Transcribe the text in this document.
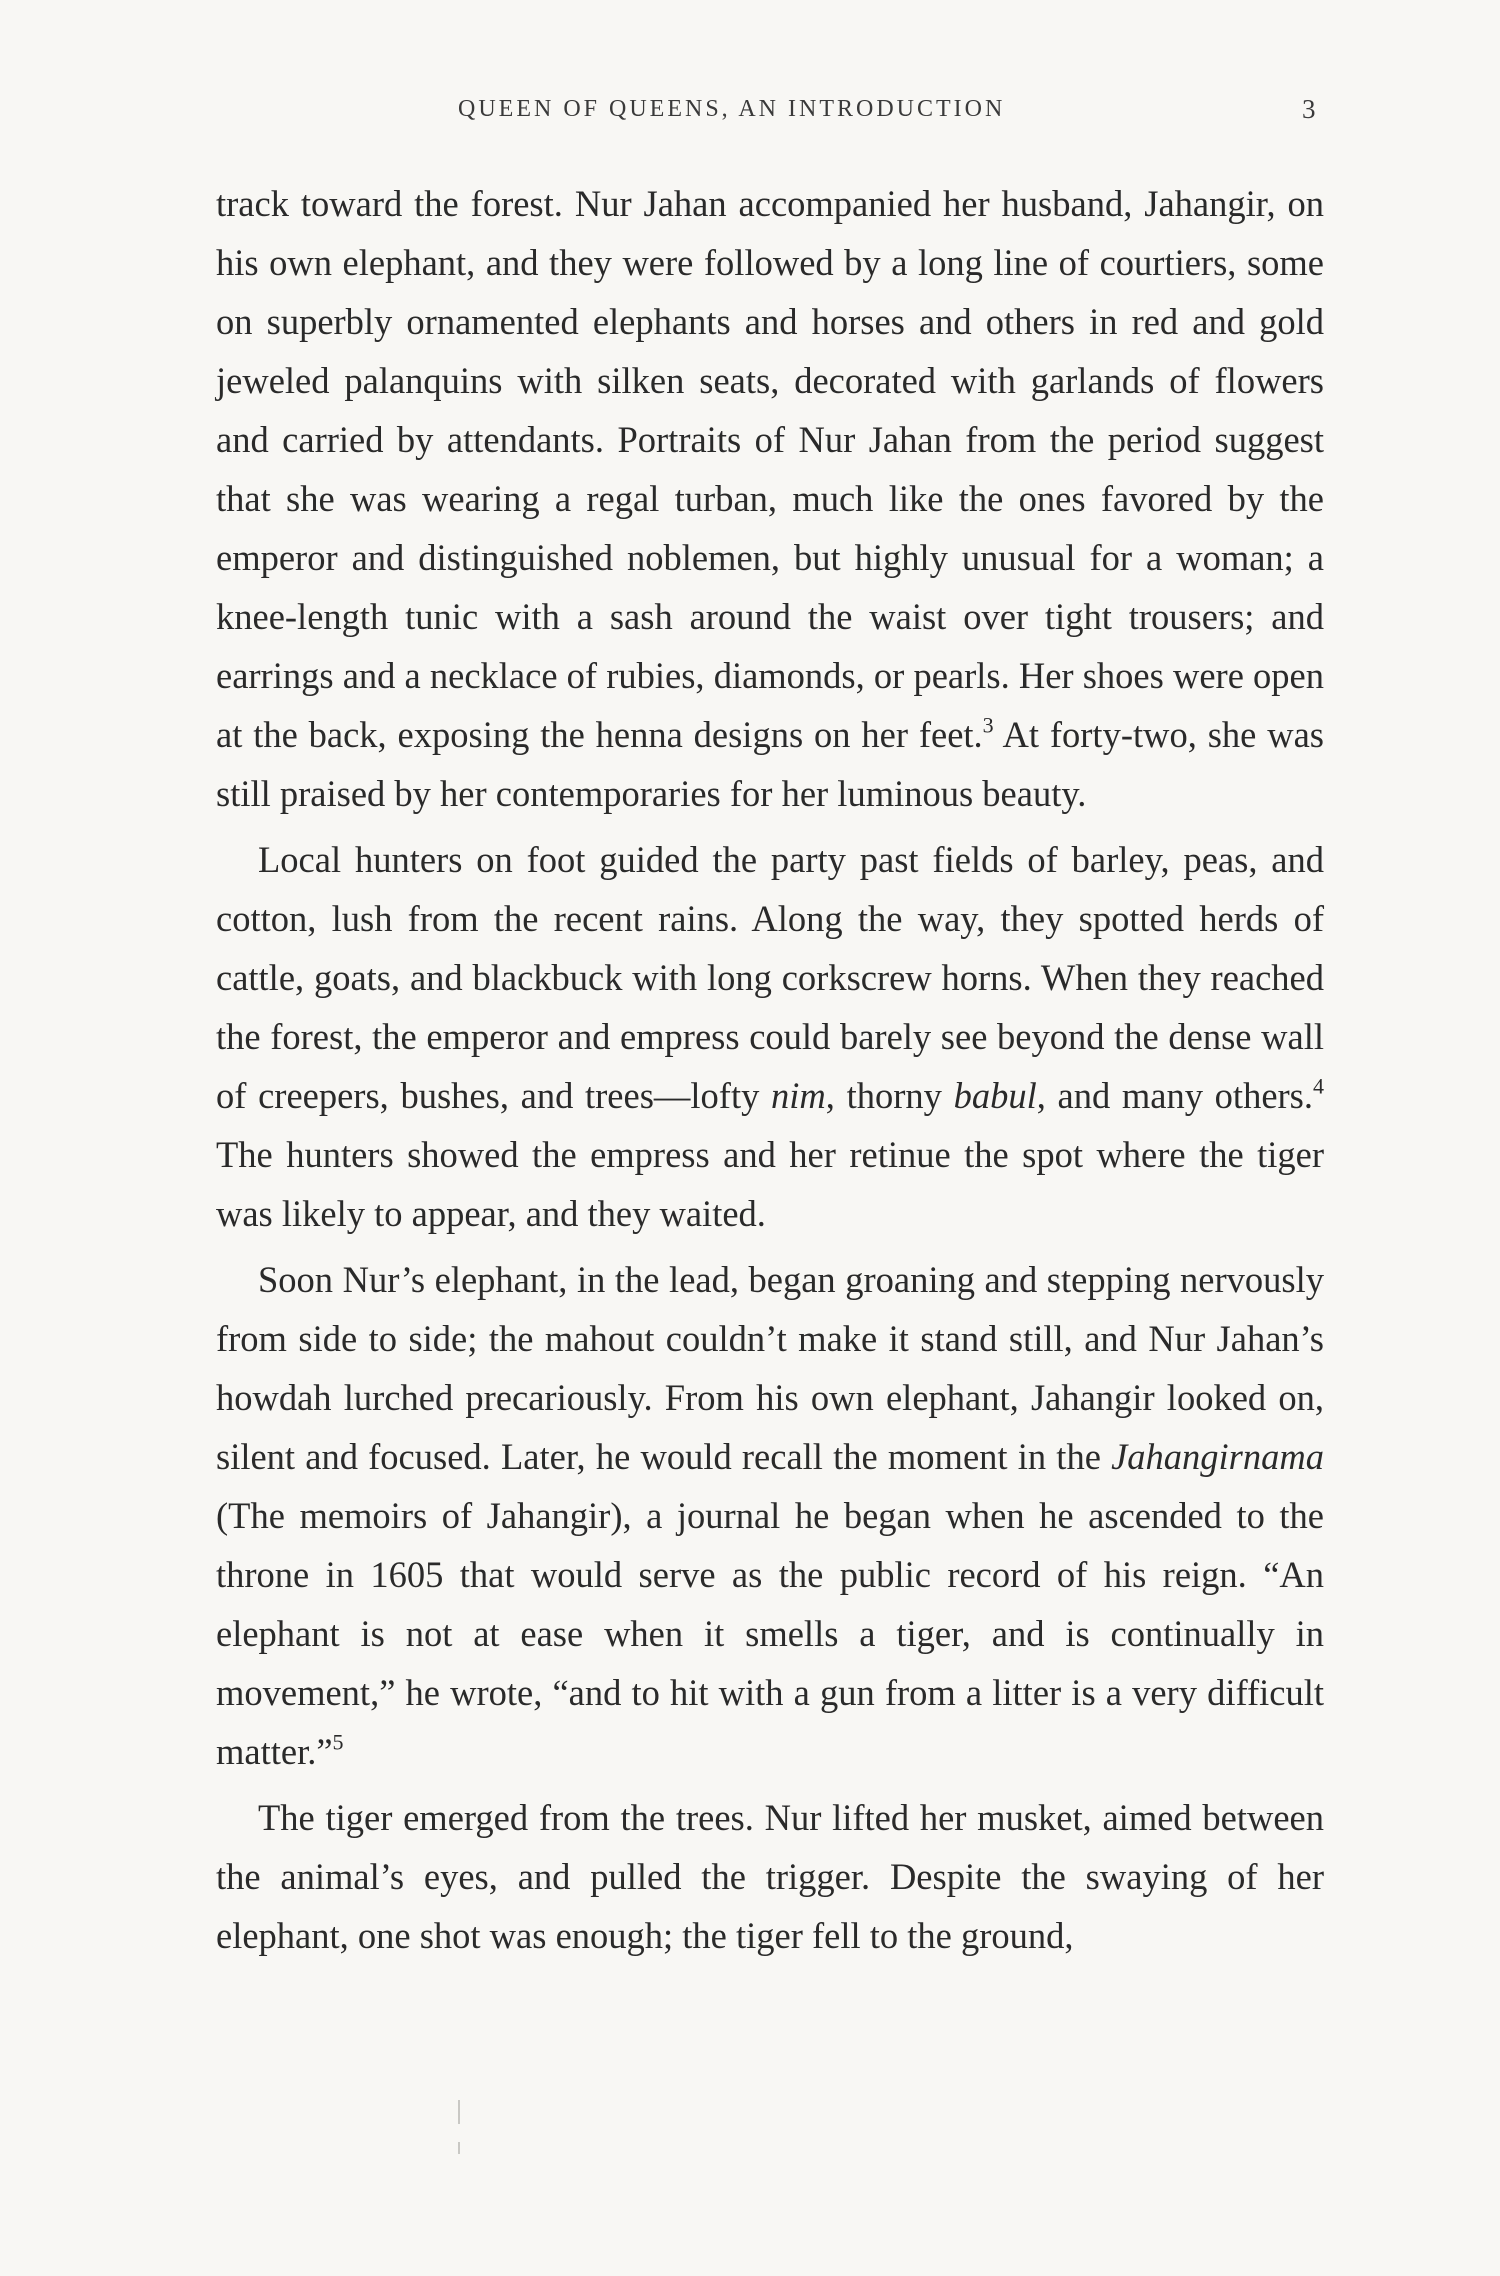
QUEEN OF QUEENS, AN INTRODUCTION	3

track toward the forest. Nur Jahan accompanied her husband, Jahangir, on his own elephant, and they were followed by a long line of courtiers, some on superbly ornamented elephants and horses and others in red and gold jeweled palanquins with silken seats, decorated with garlands of flowers and carried by attendants. Portraits of Nur Jahan from the period suggest that she was wearing a regal turban, much like the ones favored by the emperor and distinguished noblemen, but highly unusual for a woman; a knee-length tunic with a sash around the waist over tight trousers; and earrings and a necklace of rubies, diamonds, or pearls. Her shoes were open at the back, exposing the henna designs on her feet.$^3$ At forty-two, she was still praised by her contemporaries for her luminous beauty.

Local hunters on foot guided the party past fields of barley, peas, and cotton, lush from the recent rains. Along the way, they spotted herds of cattle, goats, and blackbuck with long corkscrew horns. When they reached the forest, the emperor and empress could barely see beyond the dense wall of creepers, bushes, and trees—lofty nim, thorny babul, and many others.$^4$ The hunters showed the empress and her retinue the spot where the tiger was likely to appear, and they waited.

Soon Nur’s elephant, in the lead, began groaning and stepping nervously from side to side; the mahout couldn’t make it stand still, and Nur Jahan’s howdah lurched precariously. From his own elephant, Jahangir looked on, silent and focused. Later, he would recall the moment in the Jahangirnama (The memoirs of Jahangir), a journal he began when he ascended to the throne in 1605 that would serve as the public record of his reign. “An elephant is not at ease when it smells a tiger, and is continually in movement,” he wrote, “and to hit with a gun from a litter is a very difficult matter.”$^5$

The tiger emerged from the trees. Nur lifted her musket, aimed between the animal’s eyes, and pulled the trigger. Despite the swaying of her elephant, one shot was enough; the tiger fell to the ground,
